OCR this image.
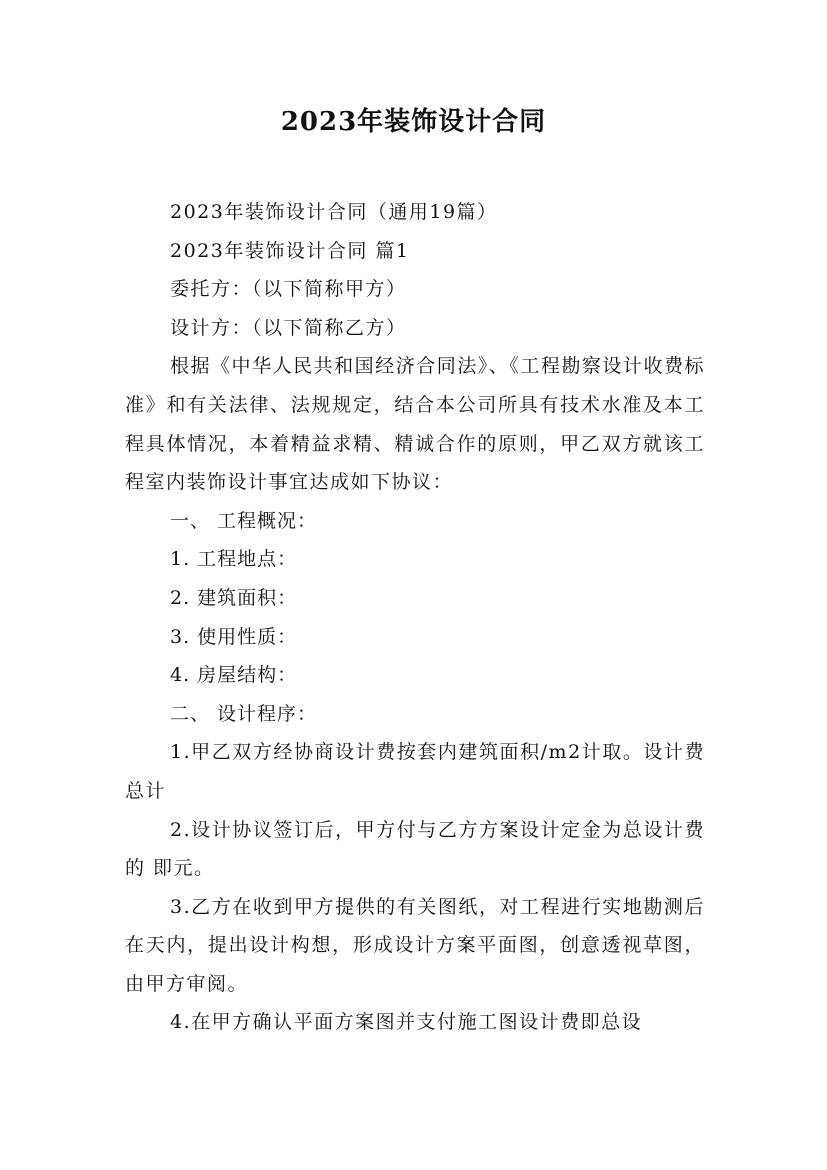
2023年装饰设计合同

2023年装饰设计合同（通用19篇）

2023年装饰设计合同 篇1

委托方：（以下简称甲方）

设计方：（以下简称乙方）

根据《中华人民共和国经济合同法》、《工程勘察设计收费标准》和有关法律、法规规定，结合本公司所具有技术水准及本工程具体情况，本着精益求精、精诚合作的原则，甲乙双方就该工程室内装饰设计事宜达成如下协议：

一、 工程概况：

1. 工程地点：

2. 建筑面积：

3. 使用性质：

4. 房屋结构：

二、 设计程序：

1.甲乙双方经协商设计费按套内建筑面积/m2计取。设计费总计

2.设计协议签订后，甲方付与乙方方案设计定金为总设计费的 即元。

3.乙方在收到甲方提供的有关图纸，对工程进行实地勘测后在天内，提出设计构想，形成设计方案平面图，创意透视草图，由甲方审阅。

4.在甲方确认平面方案图并支付施工图设计费即总设
